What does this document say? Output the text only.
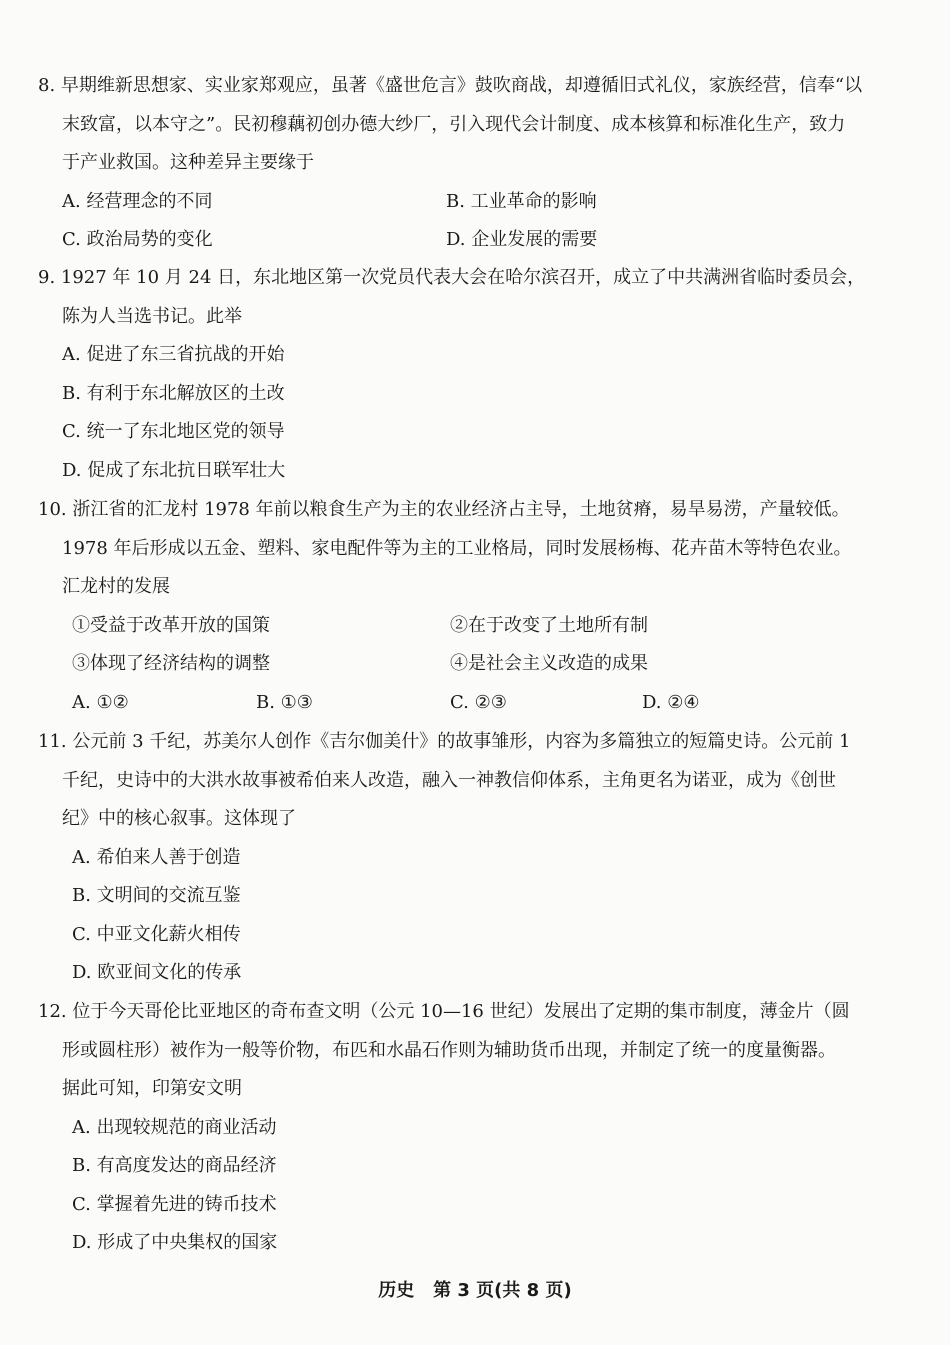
8. 早期维新思想家、实业家郑观应，虽著《盛世危言》鼓吹商战，却遵循旧式礼仪，家族经营，信奉“以
末致富，以本守之”。民初穆藕初创办德大纱厂，引入现代会计制度、成本核算和标准化生产，致力
于产业救国。这种差异主要缘于
A. 经营理念的不同	B. 工业革命的影响
C. 政治局势的变化	D. 企业发展的需要
9. 1927 年 10 月 24 日，东北地区第一次党员代表大会在哈尔滨召开，成立了中共满洲省临时委员会，
陈为人当选书记。此举
A. 促进了东三省抗战的开始
B. 有利于东北解放区的土改
C. 统一了东北地区党的领导
D. 促成了东北抗日联军壮大
10. 浙江省的汇龙村 1978 年前以粮食生产为主的农业经济占主导，土地贫瘠，易旱易涝，产量较低。
1978 年后形成以五金、塑料、家电配件等为主的工业格局，同时发展杨梅、花卉苗木等特色农业。
汇龙村的发展
①受益于改革开放的国策	②在于改变了土地所有制
③体现了经济结构的调整	④是社会主义改造的成果
A. ①②	B. ①③	C. ②③	D. ②④
11. 公元前 3 千纪，苏美尔人创作《吉尔伽美什》的故事雏形，内容为多篇独立的短篇史诗。公元前 1
千纪，史诗中的大洪水故事被希伯来人改造，融入一神教信仰体系，主角更名为诺亚，成为《创世
纪》中的核心叙事。这体现了
A. 希伯来人善于创造
B. 文明间的交流互鉴
C. 中亚文化薪火相传
D. 欧亚间文化的传承
12. 位于今天哥伦比亚地区的奇布查文明（公元 10—16 世纪）发展出了定期的集市制度，薄金片（圆
形或圆柱形）被作为一般等价物，布匹和水晶石作则为辅助货币出现，并制定了统一的度量衡器。
据此可知，印第安文明
A. 出现较规范的商业活动
B. 有高度发达的商品经济
C. 掌握着先进的铸币技术
D. 形成了中央集权的国家
历史 第 3 页(共 8 页)
